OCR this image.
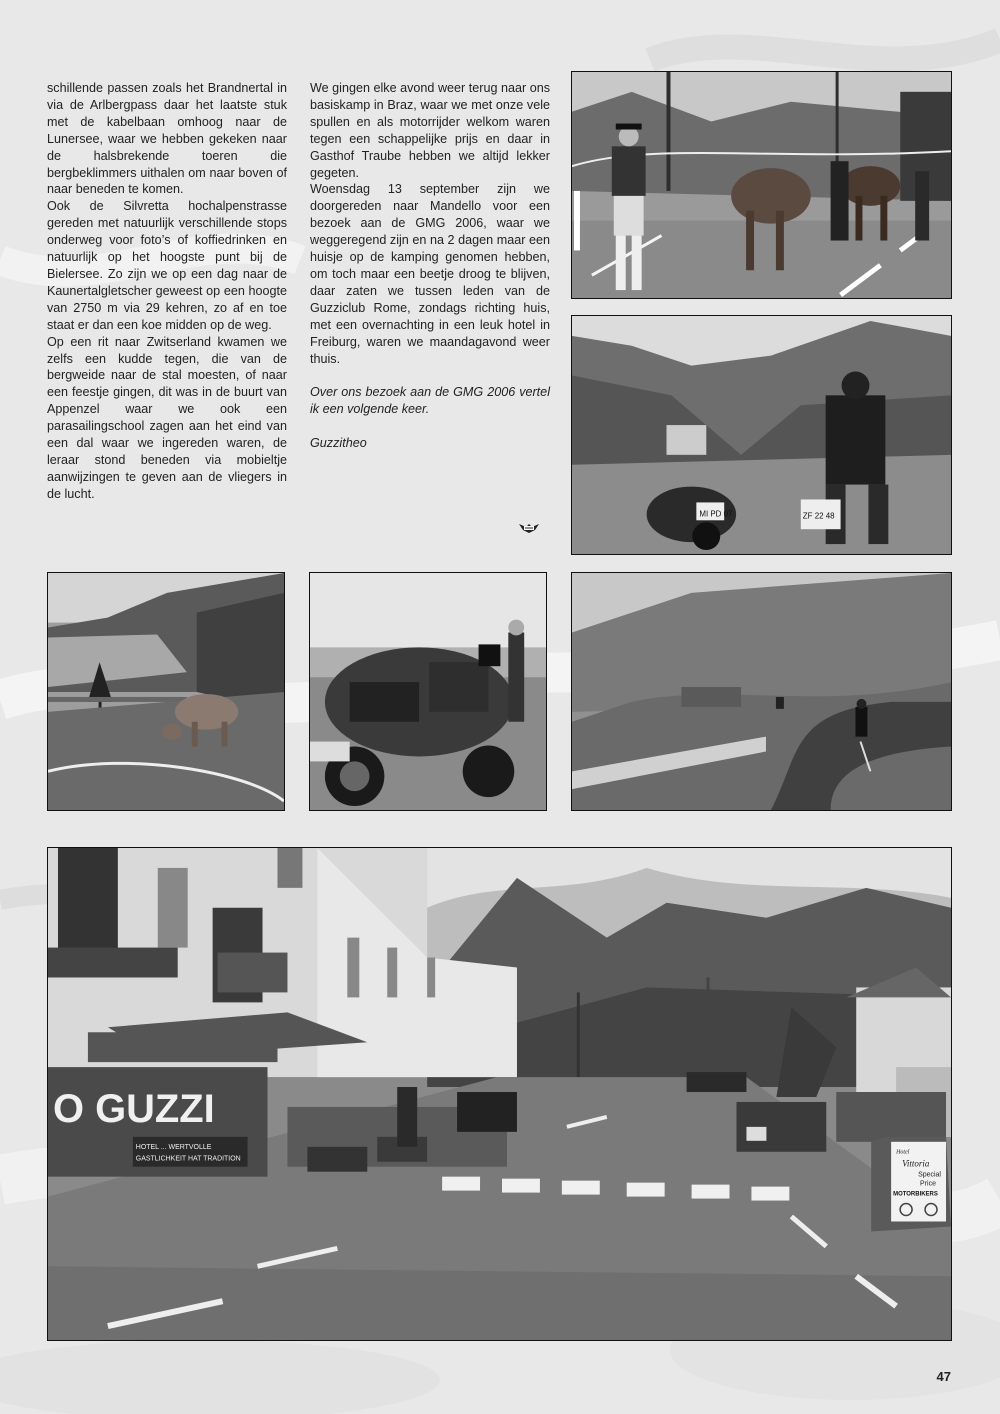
schillende passen zoals het Brandnertal in via de Arlbergpass daar het laatste stuk met de kabelbaan omhoog naar de Lunersee, waar we hebben gekeken naar de halsbrekende toeren die bergbeklimmers uithalen om naar boven of naar beneden te komen.

Ook de Silvretta hochalpenstrasse gereden met natuurlijk verschillende stops onderweg voor foto’s of koffiedrinken en natuurlijk op het hoogste punt bij de Bielersee. Zo zijn we op een dag naar de Kaunertalgletscher geweest op een hoogte van 2750 m via 29 kehren, zo af en toe staat er dan een koe midden op de weg.

Op een rit naar Zwitserland kwamen we zelfs een kudde tegen, die van de bergweide naar de stal moesten, of naar een feestje gingen, dit was in de buurt van Appenzel waar we ook een parasailingschool zagen aan het eind van een dal waar we ingereden waren, de leraar stond beneden via mobieltje aanwijzingen te geven aan de vliegers in de lucht.

We gingen elke avond weer terug naar ons basiskamp in Braz, waar we met onze vele spullen en als motorrijder welkom waren tegen een schappelijke prijs en daar in Gasthof Traube hebben we altijd lekker gegeten.

Woensdag 13 september zijn we doorgereden naar Mandello voor een bezoek aan de GMG 2006, waar we weggeregend zijn en na 2 dagen maar een huisje op de kamping genomen hebben, om toch maar een beetje droog te blijven, daar zaten we tussen leden van de Guzziclub Rome, zondags richting huis, met een overnachting in een leuk hotel in Freiburg, waren we maandagavond weer thuis.

Over ons bezoek aan de GMG 2006 vertel ik een volgende keer.

Guzzitheo

MI PD 07	ZF 22 48
O GUZZI
HOTEL ... WERTVOLLE
GASTLICHKEIT HAT TRADITION
Hotel
Vittoria
Special
Price
MOTORBIKERS
47
